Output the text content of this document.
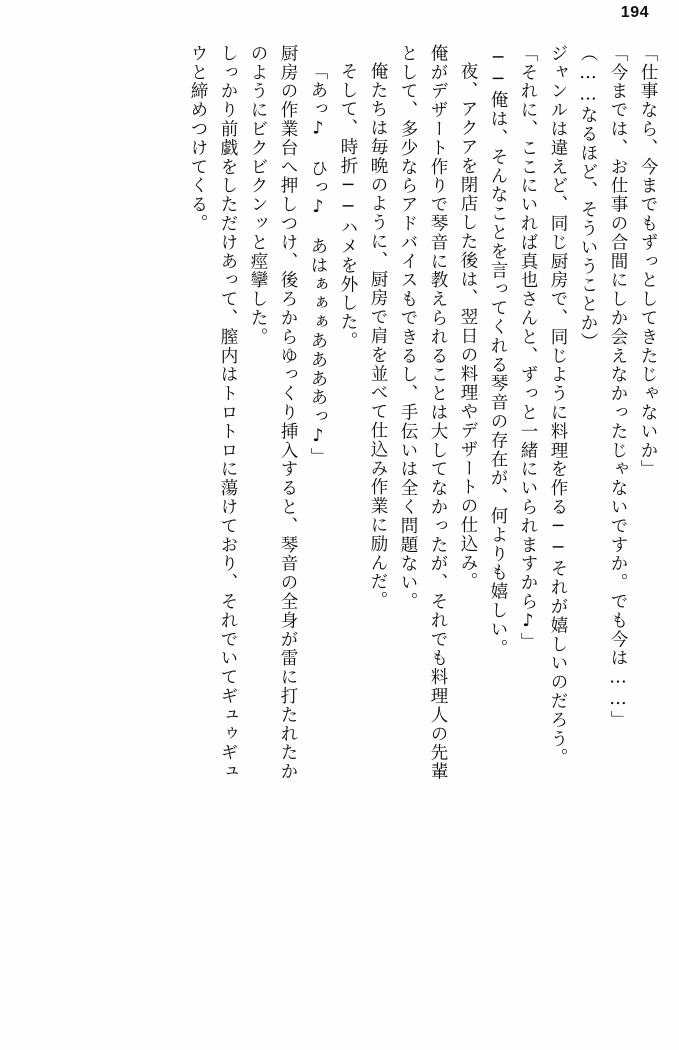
194
「仕事なら、今までもずっとしてきたじゃないか」
「今までは、お仕事の合間にしか会えなかったじゃないですか。でも今は……」
（……なるほど、そういうことか）
ジャンルは違えど、同じ厨房で、同じように料理を作る──それが嬉しいのだろう。
「それに、ここにいれば真也さんと、ずっと一緒にいられますから♪」
──俺は、そんなことを言ってくれる琴音の存在が、何よりも嬉しい。
夜、アクアを閉店した後は、翌日の料理やデザートの仕込み。
俺がデザート作りで琴音に教えられることは大してなかったが、それでも料理人の先輩
として、多少ならアドバイスもできるし、手伝いは全く問題ない。
俺たちは毎晩のように、厨房で肩を並べて仕込み作業に励んだ。
そして、時折──ハメを外した。
「あっ♪　ひっ♪　あはぁぁぁああああっ♪」
厨房の作業台へ押しつけ、後ろからゆっくり挿入すると、琴音の全身が雷に打たれたか
のようにビクビクンッと痙攣した。
しっかり前戯をしただけあって、膣内はトロトロに蕩けており、それでいてギュゥギュ
ウと締めつけてくる。
